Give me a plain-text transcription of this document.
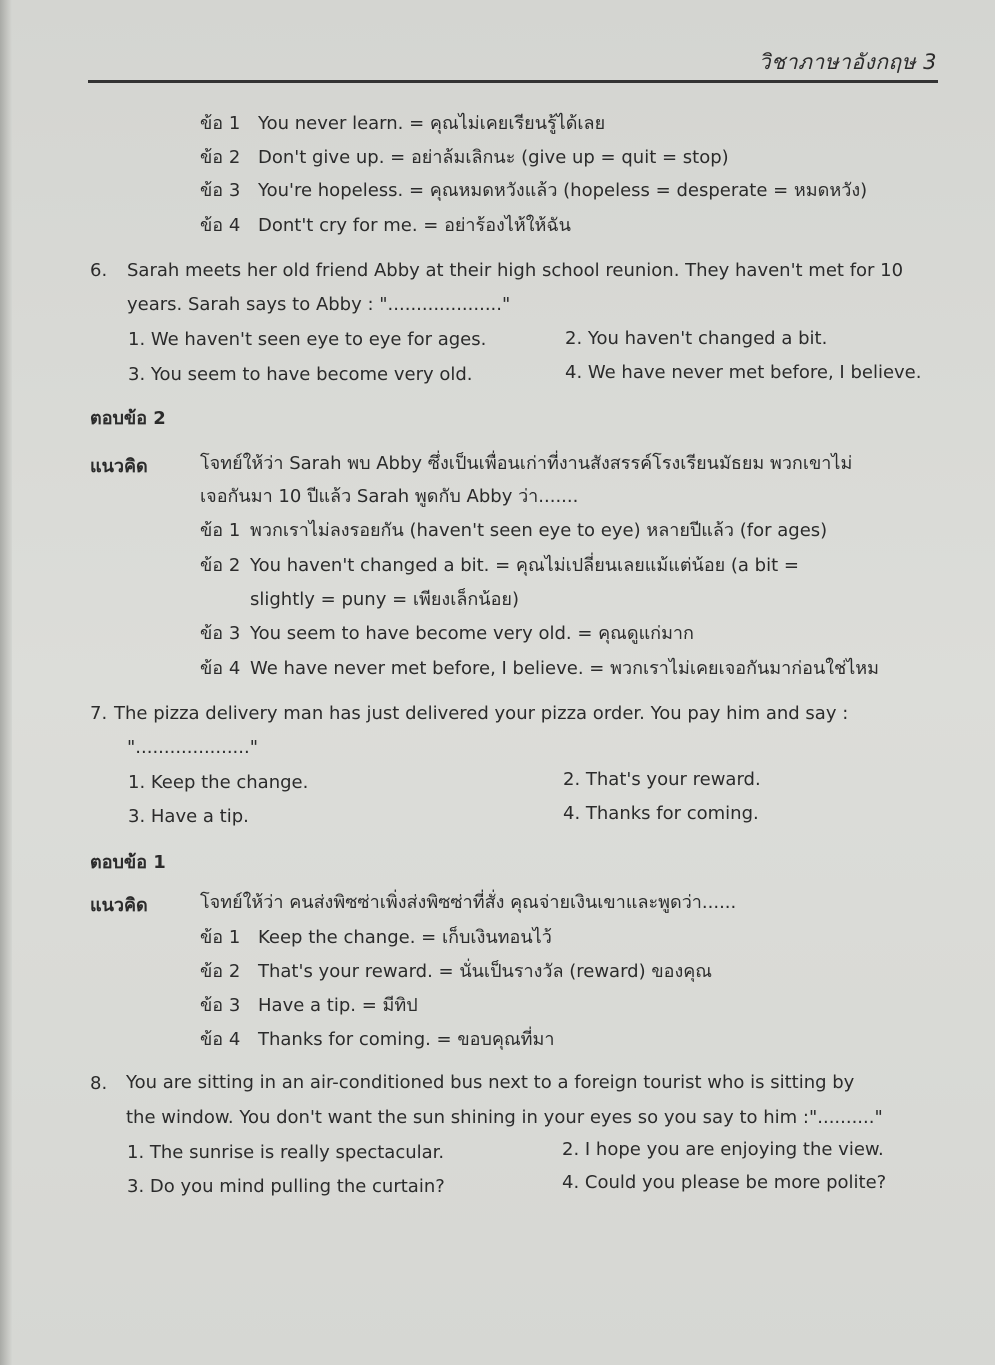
วิชาภาษาอังกฤษ 3
ข้อ 1 You never learn. = คุณไม่เคยเรียนรู้ได้เลย
ข้อ 2 Don't give up. = อย่าล้มเลิกนะ (give up = quit = stop)
ข้อ 3 You're hopeless. = คุณหมดหวังแล้ว (hopeless = desperate = หมดหวัง)
ข้อ 4 Dont't cry for me. = อย่าร้องไห้ให้ฉัน
6. Sarah meets her old friend Abby at their high school reunion. They haven't met for 10
years. Sarah says to Abby : "...................."
1. We haven't seen eye to eye for ages.	2. You haven't changed a bit.
3. You seem to have become very old.	4. We have never met before, I believe.
ตอบข้อ 2
แนวคิด	โจทย์ให้ว่า Sarah พบ Abby ซึ่งเป็นเพื่อนเก่าที่งานสังสรรค์โรงเรียนมัธยม พวกเขาไม่
เจอกันมา 10 ปีแล้ว Sarah พูดกับ Abby ว่า.......
ข้อ 1 พวกเราไม่ลงรอยกัน (haven't seen eye to eye) หลายปีแล้ว (for ages)
ข้อ 2 You haven't changed a bit. = คุณไม่เปลี่ยนเลยแม้แต่น้อย (a bit =
slightly = puny = เพียงเล็กน้อย)
ข้อ 3 You seem to have become very old. = คุณดูแก่มาก
ข้อ 4 We have never met before, I believe. = พวกเราไม่เคยเจอกันมาก่อนใช่ไหม
7. The pizza delivery man has just delivered your pizza order. You pay him and say :
"...................."
1. Keep the change.	2. That's your reward.
3. Have a tip.	4. Thanks for coming.
ตอบข้อ 1
แนวคิด	โจทย์ให้ว่า คนส่งพิซซ่าเพิ่งส่งพิซซ่าที่สั่ง คุณจ่ายเงินเขาและพูดว่า......
ข้อ 1 Keep the change. = เก็บเงินทอนไว้
ข้อ 2 That's your reward. = นั่นเป็นรางวัล (reward) ของคุณ
ข้อ 3 Have a tip. = มีทิป
ข้อ 4 Thanks for coming. = ขอบคุณที่มา
8. You are sitting in an air-conditioned bus next to a foreign tourist who is sitting by
the window. You don't want the sun shining in your eyes so you say to him :".........."
1. The sunrise is really spectacular.	2. I hope you are enjoying the view.
3. Do you mind pulling the curtain?	4. Could you please be more polite?
